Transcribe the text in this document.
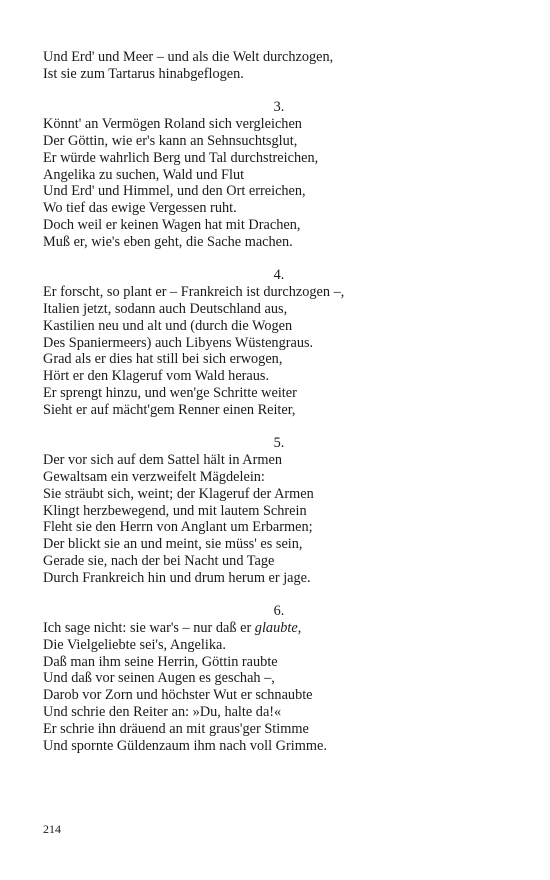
Und Erd' und Meer – und als die Welt durchzogen,
Ist sie zum Tartarus hinabgeflogen.
3.
Könnt' an Vermögen Roland sich vergleichen
Der Göttin, wie er's kann an Sehnsuchtsglut,
Er würde wahrlich Berg und Tal durchstreichen,
Angelika zu suchen, Wald und Flut
Und Erd' und Himmel, und den Ort erreichen,
Wo tief das ewige Vergessen ruht.
Doch weil er keinen Wagen hat mit Drachen,
Muß er, wie's eben geht, die Sache machen.
4.
Er forscht, so plant er – Frankreich ist durchzogen –,
Italien jetzt, sodann auch Deutschland aus,
Kastilien neu und alt und (durch die Wogen
Des Spaniermeers) auch Libyens Wüstengraus.
Grad als er dies hat still bei sich erwogen,
Hört er den Klageruf vom Wald heraus.
Er sprengt hinzu, und wen'ge Schritte weiter
Sieht er auf mächt'gem Renner einen Reiter,
5.
Der vor sich auf dem Sattel hält in Armen
Gewaltsam ein verzweifelt Mägdelein:
Sie sträubt sich, weint; der Klageruf der Armen
Klingt herzbewegend, und mit lautem Schrein
Fleht sie den Herrn von Anglant um Erbarmen;
Der blickt sie an und meint, sie müss' es sein,
Gerade sie, nach der bei Nacht und Tage
Durch Frankreich hin und drum herum er jage.
6.
Ich sage nicht: sie war's – nur daß er glaubte,
Die Vielgeliebte sei's, Angelika.
Daß man ihm seine Herrin, Göttin raubte
Und daß vor seinen Augen es geschah –,
Darob vor Zorn und höchster Wut er schnaubte
Und schrie den Reiter an: »Du, halte da!«
Er schrie ihn dräuend an mit graus'ger Stimme
Und spornte Güldenzaum ihm nach voll Grimme.
214
